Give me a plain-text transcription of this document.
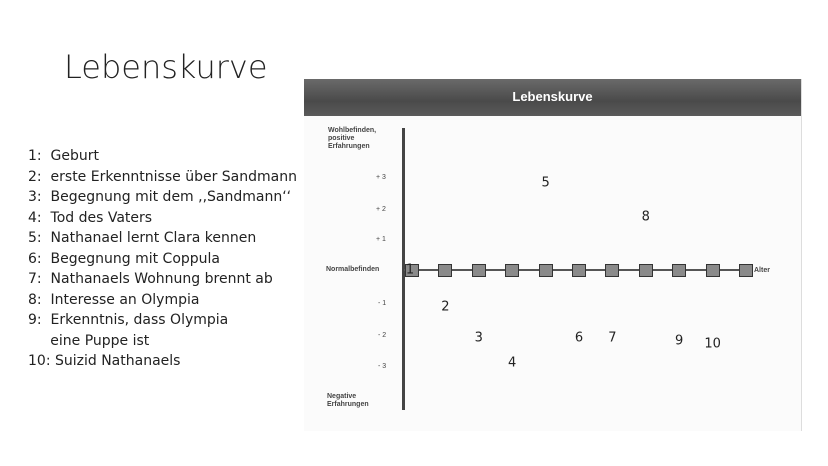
Lebenskurve
1:  Geburt
2:  erste Erkenntnisse über Sandmann
3:  Begegnung mit dem ,,Sandmann‘‘
4:  Tod des Vaters
5:  Nathanael lernt Clara kennen
6:  Begegnung mit Coppula
7:  Nathanaels Wohnung brennt ab
8:  Interesse an Olympia
9:  Erkenntnis, dass Olympia
eine Puppe ist
10: Suizid Nathanaels
Lebenskurve
Wohlbefinden,
positive
Erfahrungen
Normalbefinden
Negative
Erfahrungen
+ 3
+ 2
+ 1
- 1
- 2
- 3
Alter
1
2
3
4
5
6 7
8
9 10
